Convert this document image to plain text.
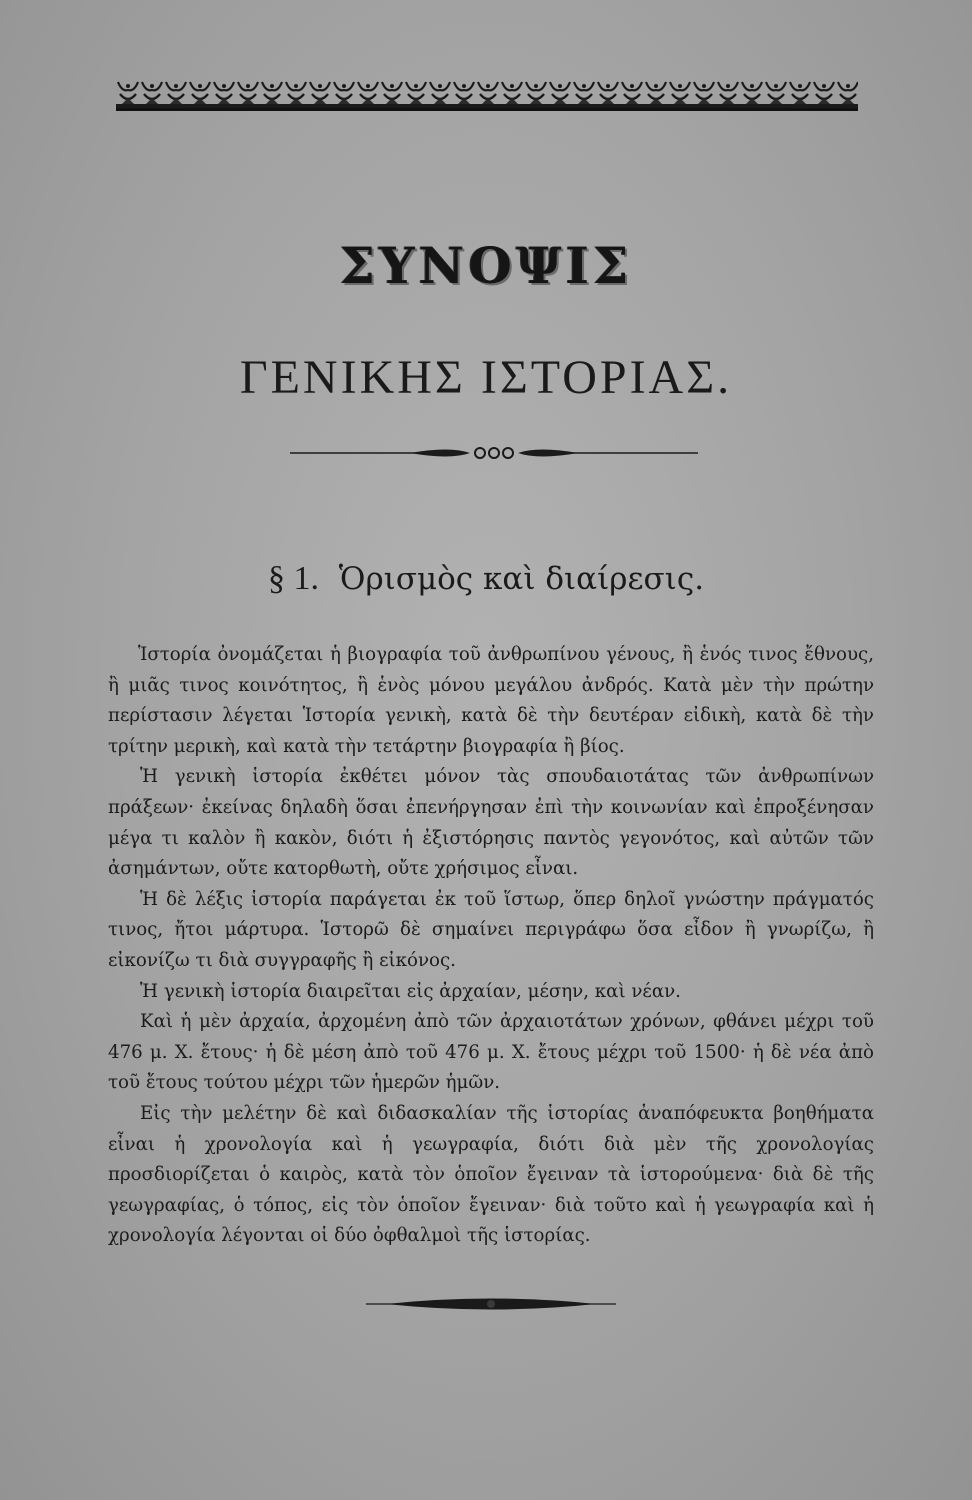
ΣΥΝΟΨΙΣ
ΓΕΝΙΚΗΣ ΙΣΤΟΡΙΑΣ.
§ 1. Ὁρισμὸς καὶ διαίρεσις.

Ἱστορία ὀνομάζεται ἡ βιογραφία τοῦ ἀνθρωπίνου γένους, ἢ ἑνός τινος ἔθνους, ἢ μιᾶς τινος κοινότητος, ἢ ἑνὸς μόνου μεγάλου ἀνδρός. Κατὰ μὲν τὴν πρώτην περίστασιν λέγεται Ἱστορία γενικὴ, κατὰ δὲ τὴν δευτέραν εἰδικὴ, κατὰ δὲ τὴν τρίτην μερικὴ, καὶ κατὰ τὴν τετάρτην βιογραφία ἢ βίος.

Ἡ γενικὴ ἱστορία ἐκθέτει μόνον τὰς σπουδαιοτάτας τῶν ἀνθρωπίνων πράξεων· ἐκείνας δηλαδὴ ὅσαι ἐπενήργησαν ἐπὶ τὴν κοινωνίαν καὶ ἐπροξένησαν μέγα τι καλὸν ἢ κακὸν, διότι ἡ ἐξιστόρησις παντὸς γεγονότος, καὶ αὐτῶν τῶν ἀσημάντων, οὔτε κατορθωτὴ, οὔτε χρήσιμος εἶναι.

Ἡ δὲ λέξις ἱστορία παράγεται ἐκ τοῦ ἵστωρ, ὅπερ δηλοῖ γνώστην πράγματός τινος, ἤτοι μάρτυρα. Ἱστορῶ δὲ σημαίνει περιγράφω ὅσα εἶδον ἢ γνωρίζω, ἢ εἰκονίζω τι διὰ συγγραφῆς ἢ εἰκόνος.

Ἡ γενικὴ ἱστορία διαιρεῖται εἰς ἀρχαίαν, μέσην, καὶ νέαν.

Καὶ ἡ μὲν ἀρχαία, ἀρχομένη ἀπὸ τῶν ἀρχαιοτάτων χρόνων, φθάνει μέχρι τοῦ 476 μ. Χ. ἔτους· ἡ δὲ μέση ἀπὸ τοῦ 476 μ. Χ. ἔτους μέχρι τοῦ 1500· ἡ δὲ νέα ἀπὸ τοῦ ἔτους τούτου μέχρι τῶν ἡμερῶν ἡμῶν.

Εἰς τὴν μελέτην δὲ καὶ διδασκαλίαν τῆς ἱστορίας ἀναπόφευκτα βοηθήματα εἶναι ἡ χρονολογία καὶ ἡ γεωγραφία, διότι διὰ μὲν τῆς χρονολογίας προσδιορίζεται ὁ καιρὸς, κατὰ τὸν ὁποῖον ἔγειναν τὰ ἱστορούμενα· διὰ δὲ τῆς γεωγραφίας, ὁ τόπος, εἰς τὸν ὁποῖον ἔγειναν· διὰ τοῦτο καὶ ἡ γεωγραφία καὶ ἡ χρονολογία λέγονται οἱ δύο ὀφθαλμοὶ τῆς ἱστορίας.
